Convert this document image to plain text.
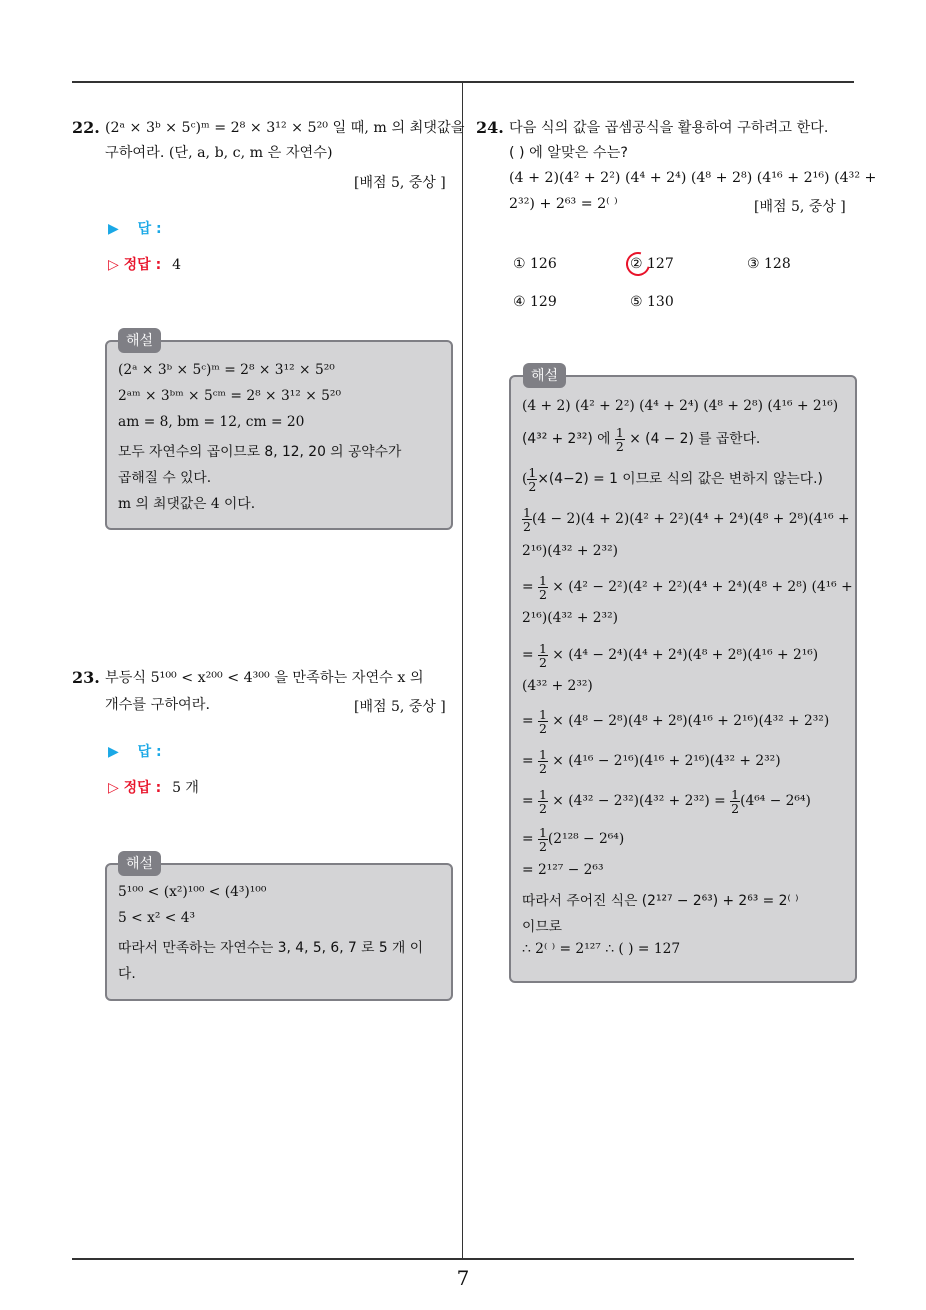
7
22. (2ᵃ × 3ᵇ × 5ᶜ)ᵐ = 2⁸ × 3¹² × 5²⁰ 일 때, m 의 최댓값을
구하여라. (단, a, b, c, m 은 자연수)
[배점 5, 중상 ]
▶ 답 :
▷ 정답 : 4
해설
(2ᵃ × 3ᵇ × 5ᶜ)ᵐ = 2⁸ × 3¹² × 5²⁰
2ᵃᵐ × 3ᵇᵐ × 5ᶜᵐ = 2⁸ × 3¹² × 5²⁰
am = 8, bm = 12, cm = 20
모두 자연수의 곱이므로 8, 12, 20 의 공약수가
곱해질 수 있다.
m 의 최댓값은 4 이다.
23. 부등식 5¹⁰⁰ < x²⁰⁰ < 4³⁰⁰ 을 만족하는 자연수 x 의
개수를 구하여라.	[배점 5, 중상 ]
▶ 답 :
▷ 정답 : 5 개
해설
5¹⁰⁰ < (x²)¹⁰⁰ < (4³)¹⁰⁰
5 < x² < 4³
따라서 만족하는 자연수는 3, 4, 5, 6, 7 로 5 개 이
다.
24. 다음 식의 값을 곱셈공식을 활용하여 구하려고 한다.
( ) 에 알맞은 수는?
(4 + 2)(4² + 2²) (4⁴ + 2⁴) (4⁸ + 2⁸) (4¹⁶ + 2¹⁶) (4³² +
2³²) + 2⁶³ = 2⁽ ⁾	[배점 5, 중상 ]
① 126	② 127	③ 128
④ 129	⑤ 130
해설
(4 + 2) (4² + 2²) (4⁴ + 2⁴) (4⁸ + 2⁸) (4¹⁶ + 2¹⁶)
(4³² + 2³²) 에 $\frac{1}{2} \times (4 - 2)$ 를 곱한다.
( $\frac{1}{2} \times(4-2) = 1$ 이므로 식의 값은 변하지 않는다.)
$\frac{1}{2} (4 - 2)(4 + 2)(4^2 + 2^2)(4^4 + 2^4)(4^8 + 2^8)(4^{16}$ +
2¹⁶)(4³² + 2³²)
= $\frac{1}{2} \times (4^2 - 2^2)(4^2 + 2^2)(4^4 + 2^4)(4^8 + 2^8) (4^{16}$ +
2¹⁶)(4³² + 2³²)
= $\frac{1}{2} \times (4^4 - 2^4)(4^4 + 2^4)(4^8 + 2^8)(4^{16} + 2^{16})$
(4³² + 2³²)
= $\frac{1}{2} \times (4^8 - 2^8)(4^8 + 2^8)(4^{16} + 2^{16})(4^{32} + 2^{32})$
= $\frac{1}{2} \times (4^{16} - 2^{16})(4^{16} + 2^{16})(4^{32} + 2^{32})$
= $\frac{1}{2} \times (4^{32} - 2^{32})(4^{32} + 2^{32}) = \frac{1}{2} (4^{64} - 2^{64})$
= $\frac{1}{2} (2^{128} - 2^{64})$
= 2¹²⁷ − 2⁶³
따라서 주어진 식은 (2¹²⁷ − 2⁶³) + 2⁶³ = 2⁽ ⁾
이므로
∴ 2⁽ ⁾ = 2¹²⁷ ∴ ( ) = 127
